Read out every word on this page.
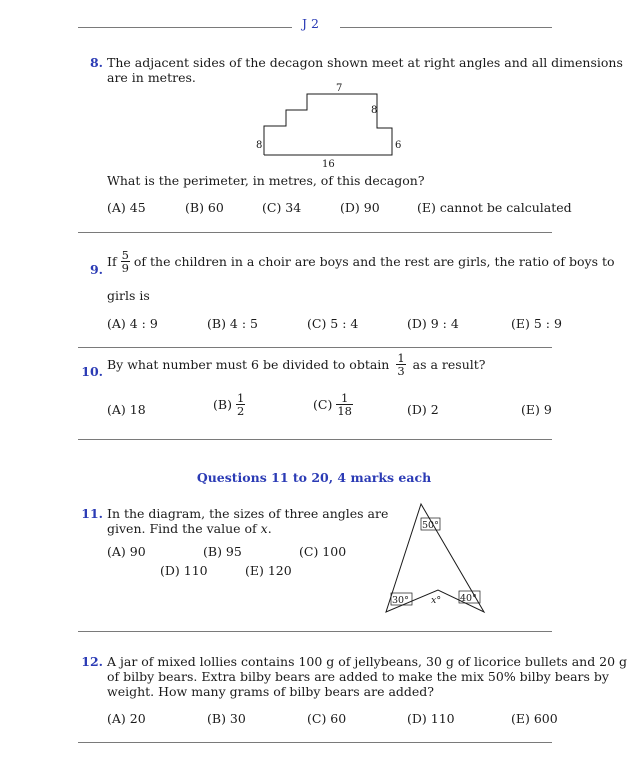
J 2
8. The adjacent sides of the decagon shown meet at right angles and all dimensions
are in metres.
7
8
6
8
16
What is the perimeter, in metres, of this decagon?
(A) 45	(B) 60	(C) 34	(D) 90	(E) cannot be calculated
9.
If $\frac{5}{9}$ of the children in a choir are boys and the rest are girls, the ratio of boys to
girls is
(A) 4 : 9	(B) 4 : 5	(C) 5 : 4	(D) 9 : 4	(E) 5 : 9
10. By what number must 6 be divided to obtain $\frac{1}{3}$ as a result?
(A) 18	$(B) \frac{1}{2}$	$(C) \frac{1}{18}$	(D) 2	(E) 9
Questions 11 to 20, 4 marks each
11. In the diagram, the sizes of three angles are
given. Find the value of x.
(A) 90	(B) 95	(C) 100
(D) 110	(E) 120
50°
30° x° 40°
12. A jar of mixed lollies contains 100 g of jellybeans, 30 g of licorice bullets and 20 g
of bilby bears. Extra bilby bears are added to make the mix 50% bilby bears by
weight. How many grams of bilby bears are added?
(A) 20	(B) 30	(C) 60	(D) 110	(E) 600
